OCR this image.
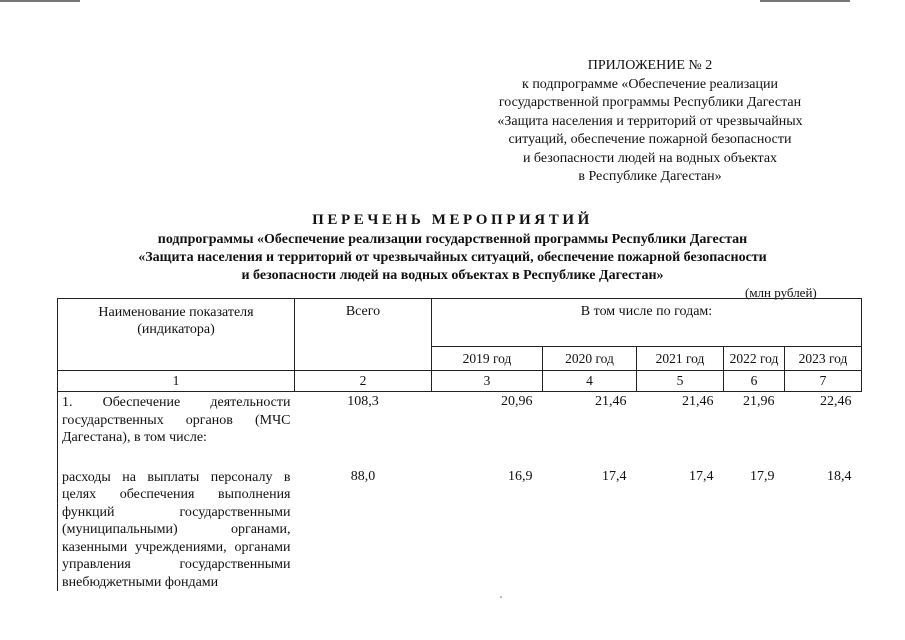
ПРИЛОЖЕНИЕ № 2
к подпрограмме «Обеспечение реализации
государственной программы Республики Дагестан
«Защита населения и территорий от чрезвычайных
ситуаций, обеспечение пожарной безопасности
и безопасности людей на водных объектах
в Республике Дагестан»
ПЕРЕЧЕНЬ МЕРОПРИЯТИЙ
подпрограммы «Обеспечение реализации государственной программы Республики Дагестан
«Защита населения и территорий от чрезвычайных ситуаций, обеспечение пожарной безопасности
и безопасности людей на водных объектах в Республике Дагестан»
(млн рублей)
Наименование показателя (индикатора)	Всего	В том числе по годам:				
		2019 год	2020 год	2021 год	2022 год	2023 год
1	2	3	4	5	6	7
1. Обеспечение деятельности государственных органов (МЧС Дагестана), в том числе:	108,3	20,96	21,46	21,46	21,96	22,46

расходы на выплаты персоналу в целях обеспечения выполнения функций государственными (муниципальными) органами, казенными учреждениями, органами управления государственными внебюджетными фондами	88,0	16,9	17,4	17,4	17,9	18,4
